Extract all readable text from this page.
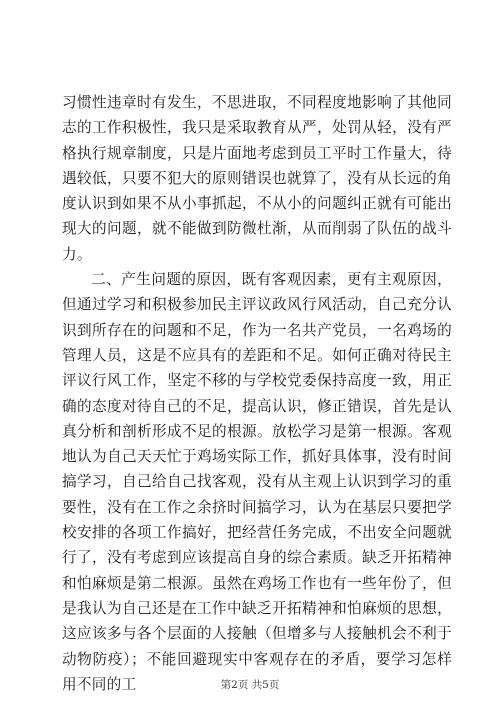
习惯性违章时有发生，不思进取，不同程度地影响了其他同志的工作积极性，我只是采取教育从严，处罚从轻，没有严格执行规章制度，只是片面地考虑到员工平时工作量大，待遇较低，只要不犯大的原则错误也就算了，没有从长远的角度认识到如果不从小事抓起，不从小的问题纠正就有可能出现大的问题，就不能做到防微杜渐，从而削弱了队伍的战斗力。

二、产生问题的原因，既有客观因素，更有主观原因，但通过学习和积极参加民主评议政风行风活动，自己充分认识到所存在的问题和不足，作为一名共产党员，一名鸡场的管理人员，这是不应具有的差距和不足。如何正确对待民主评议行风工作，坚定不移的与学校党委保持高度一致，用正确的态度对待自己的不足，提高认识，修正错误，首先是认真分析和剖析形成不足的根源。放松学习是第一根源。客观地认为自己天天忙于鸡场实际工作，抓好具体事，没有时间搞学习，自己给自己找客观，没有从主观上认识到学习的重要性，没有在工作之余挤时间搞学习，认为在基层只要把学校安排的各项工作搞好，把经营任务完成，不出安全问题就行了，没有考虑到应该提高自身的综合素质。缺乏开拓精神和怕麻烦是第二根源。虽然在鸡场工作也有一些年份了，但是我认为自己还是在工作中缺乏开拓精神和怕麻烦的思想，这应该多与各个层面的人接触（但增多与人接触机会不利于动物防疫）；不能回避现实中客观存在的矛盾，要学习怎样用不同的工	第2页 共5页
